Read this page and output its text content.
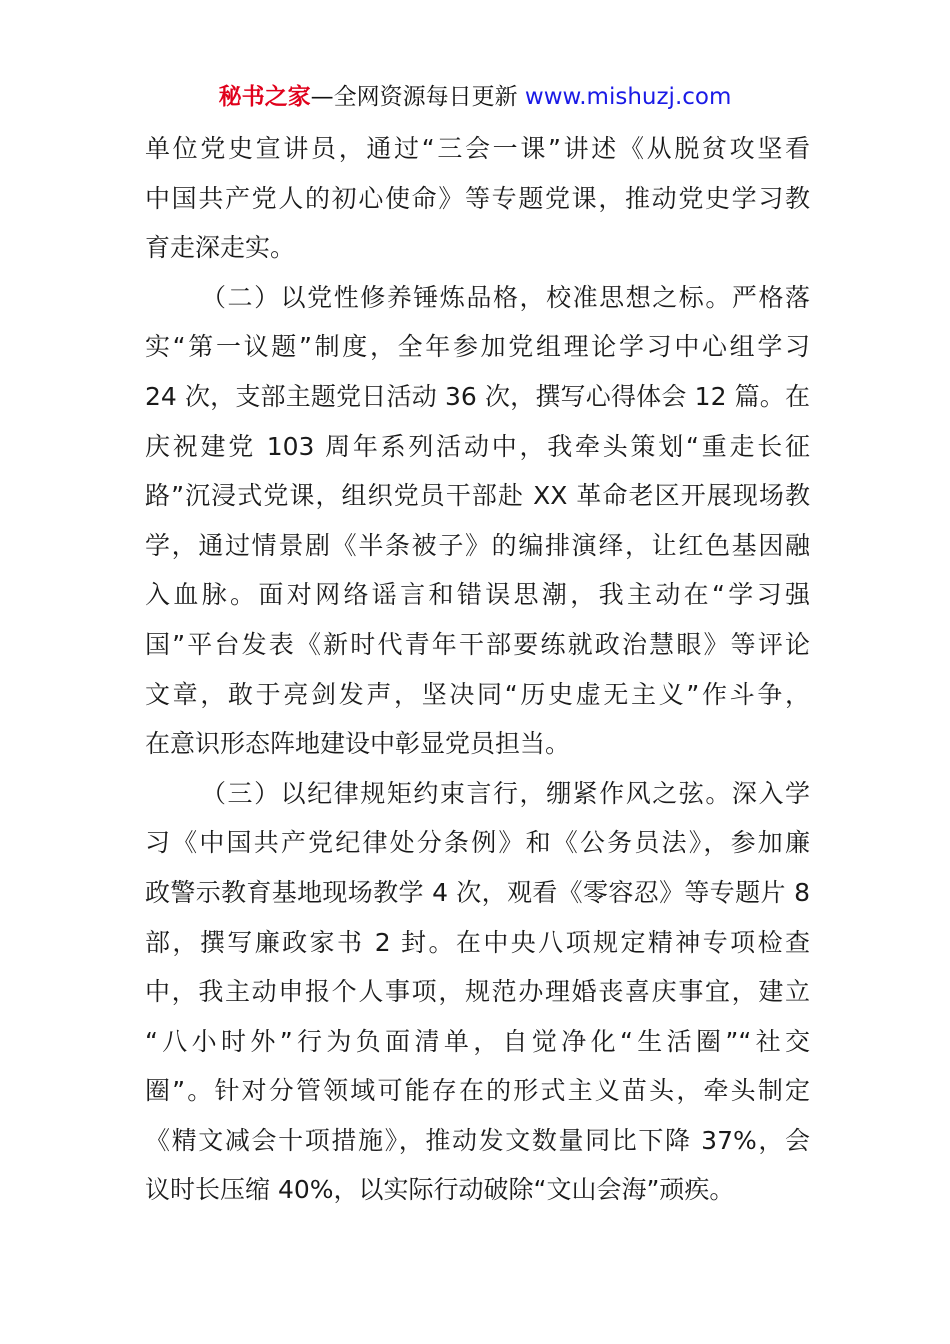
秘书之家—全网资源每日更新 www.mishuzj.com
单位党史宣讲员，通过“三会一课”讲述《从脱贫攻坚看
中国共产党人的初心使命》等专题党课，推动党史学习教
育走深走实。
（二）以党性修养锤炼品格，校准思想之标。严格落
实“第一议题”制度，全年参加党组理论学习中心组学习
24 次，支部主题党日活动 36 次，撰写心得体会 12 篇。在
庆祝建党 103 周年系列活动中，我牵头策划“重走长征
路”沉浸式党课，组织党员干部赴 XX 革命老区开展现场教
学，通过情景剧《半条被子》的编排演绎，让红色基因融
入血脉。面对网络谣言和错误思潮，我主动在“学习强
国”平台发表《新时代青年干部要练就政治慧眼》等评论
文章，敢于亮剑发声，坚决同“历史虚无主义”作斗争，
在意识形态阵地建设中彰显党员担当。
（三）以纪律规矩约束言行，绷紧作风之弦。深入学
习《中国共产党纪律处分条例》和《公务员法》，参加廉
政警示教育基地现场教学 4 次，观看《零容忍》等专题片 8
部，撰写廉政家书 2 封。在中央八项规定精神专项检查
中，我主动申报个人事项，规范办理婚丧喜庆事宜，建立
“八小时外”行为负面清单，自觉净化“生活圈”“社交
圈”。针对分管领域可能存在的形式主义苗头，牵头制定
《精文减会十项措施》，推动发文数量同比下降 37%，会
议时长压缩 40%，以实际行动破除“文山会海”顽疾。
